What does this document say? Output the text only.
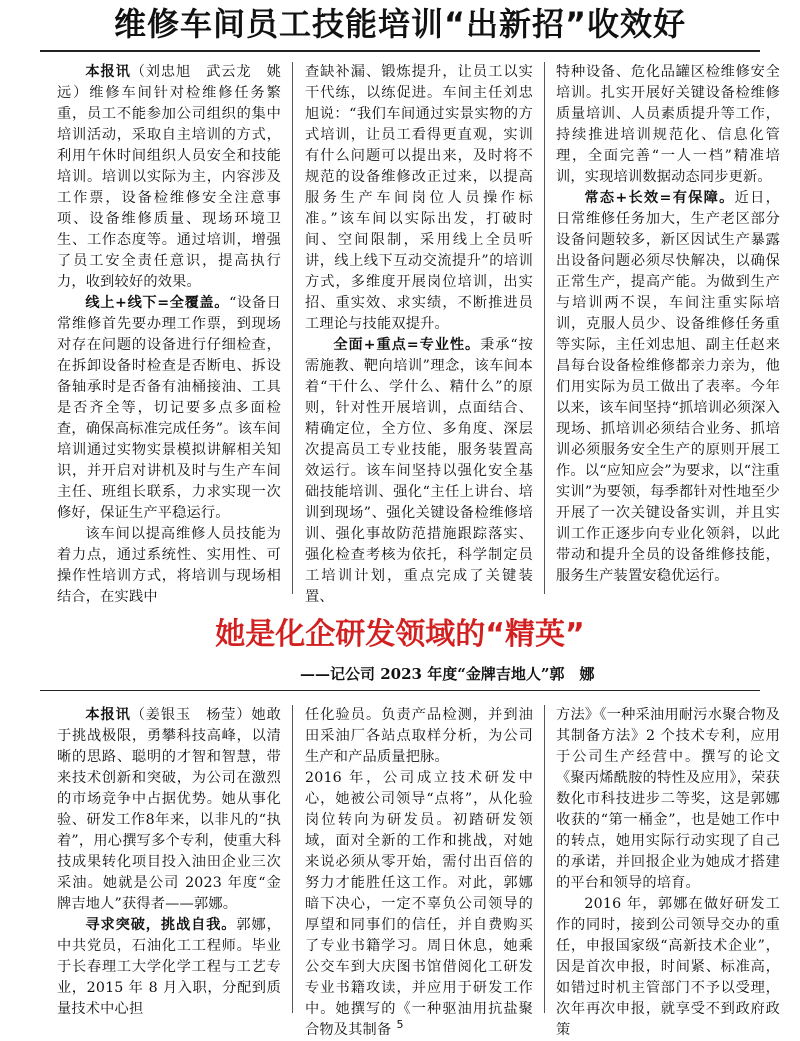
维修车间员工技能培训“出新招”收效好

本报讯（刘忠旭　武云龙　姚远）维修车间针对检维修任务繁重，员工不能参加公司组织的集中培训活动，采取自主培训的方式，利用午休时间组织人员安全和技能培训。培训以实际为主，内容涉及工作票，设备检维修安全注意事项、设备维修质量、现场环境卫生、工作态度等。通过培训，增强了员工安全责任意识，提高执行力，收到较好的效果。

线上+线下=全覆盖。“设备日常维修首先要办理工作票，到现场对存在问题的设备进行仔细检查，在拆卸设备时检查是否断电、拆设备轴承时是否备有油桶接油、工具是否齐全等，切记要多点多面检查，确保高标准完成任务”。该车间培训通过实物实景模拟讲解相关知识，并开启对讲机及时与生产车间主任、班组长联系，力求实现一次修好，保证生产平稳运行。

该车间以提高维修人员技能为着力点，通过系统性、实用性、可操作性培训方式，将培训与现场相结合，在实践中

查缺补漏、锻炼提升，让员工以实干代练，以练促进。车间主任刘忠旭说：“我们车间通过实景实物的方式培训，让员工看得更直观，实训有什么问题可以提出来，及时将不规范的设备维修改正过来，以提高服务生产车间岗位人员操作标准。”该车间以实际出发，打破时间、空间限制，采用线上全员听讲，线上线下互动交流提升”的培训方式，多维度开展岗位培训，出实招、重实效、求实绩，不断推进员工理论与技能双提升。

全面+重点=专业性。秉承“按需施教、靶向培训”理念，该车间本着“干什么、学什么、精什么”的原则，针对性开展培训，点面结合、精确定位，全方位、多角度、深层次提高员工专业技能，服务装置高效运行。该车间坚持以强化安全基础技能培训、强化“主任上讲台、培训到现场”、强化关键设备检维修培训、强化事故防范措施跟踪落实、强化检查考核为依托，科学制定员工培训计划，重点完成了关键装置、

特种设备、危化品罐区检维修安全培训。扎实开展好关键设备检维修质量培训、人员素质提升等工作，持续推进培训规范化、信息化管理，全面完善“一人一档”精准培训，实现培训数据动态同步更新。

常态+长效=有保障。近日，日常维修任务加大，生产老区部分设备问题较多，新区因试生产暴露出设备问题必须尽快解决，以确保正常生产，提高产能。为做到生产与培训两不误，车间注重实际培训，克服人员少、设备维修任务重等实际，主任刘忠旭、副主任赵来昌每台设备检维修都亲力亲为，他们用实际为员工做出了表率。今年以来，该车间坚持“抓培训必须深入现场、抓培训必须结合业务、抓培训必须服务安全生产的原则开展工作。以“应知应会”为要求，以“注重实训”为要领，每季都针对性地至少开展了一次关键设备实训，并且实训工作正逐步向专业化领斜，以此带动和提升全员的设备维修技能，服务生产装置安稳优运行。

她是化企研发领域的“精英”
——记公司 2023 年度“金牌吉地人”郭　娜

本报讯（姜银玉　杨莹）她敢于挑战极限，勇攀科技高峰，以清晰的思路、聪明的才智和智慧，带来技术创新和突破，为公司在激烈的市场竞争中占据优势。她从事化验、研发工作8年来，以非凡的“执着”，用心撰写多个专利，使重大科技成果转化项目投入油田企业三次采油。她就是公司 2023 年度“金牌吉地人”获得者——郭娜。

寻求突破，挑战自我。郭娜，中共党员，石油化工工程师。毕业于长春理工大学化学工程与工艺专业，2015 年 8 月入职，分配到质量技术中心担

任化验员。负责产品检测，并到油田采油厂各站点取样分析，为公司生产和产品质量把脉。

2016 年，公司成立技术研发中心，她被公司领导“点将”，从化验岗位转向为研发员。初踏研发领域，面对全新的工作和挑战，对她来说必须从零开始，需付出百倍的努力才能胜任这工作。对此，郭娜暗下决心，一定不辜负公司领导的厚望和同事们的信任，并自费购买了专业书籍学习。周日休息，她乘公交车到大庆图书馆借阅化工研发专业书籍攻读，并应用于研发工作中。她撰写的《一种驱油用抗盐聚合物及其制备

方法》《一种采油用耐污水聚合物及其制备方法》2 个技术专利，应用于公司生产经营中。撰写的论文《聚丙烯酰胺的特性及应用》，荣获数化市科技进步二等奖，这是郭娜收获的“第一桶金”，也是她工作中的转点，她用实际行动实现了自己的承诺，并回报企业为她成才搭建的平台和领导的培育。

2016 年，郭娜在做好研发工作的同时，接到公司领导交办的重任，申报国家级“高新技术企业”，因是首次申报，时间紧、标准高，如错过时机主管部门不予以受理，次年再次申报，就享受不到政府政策

5
